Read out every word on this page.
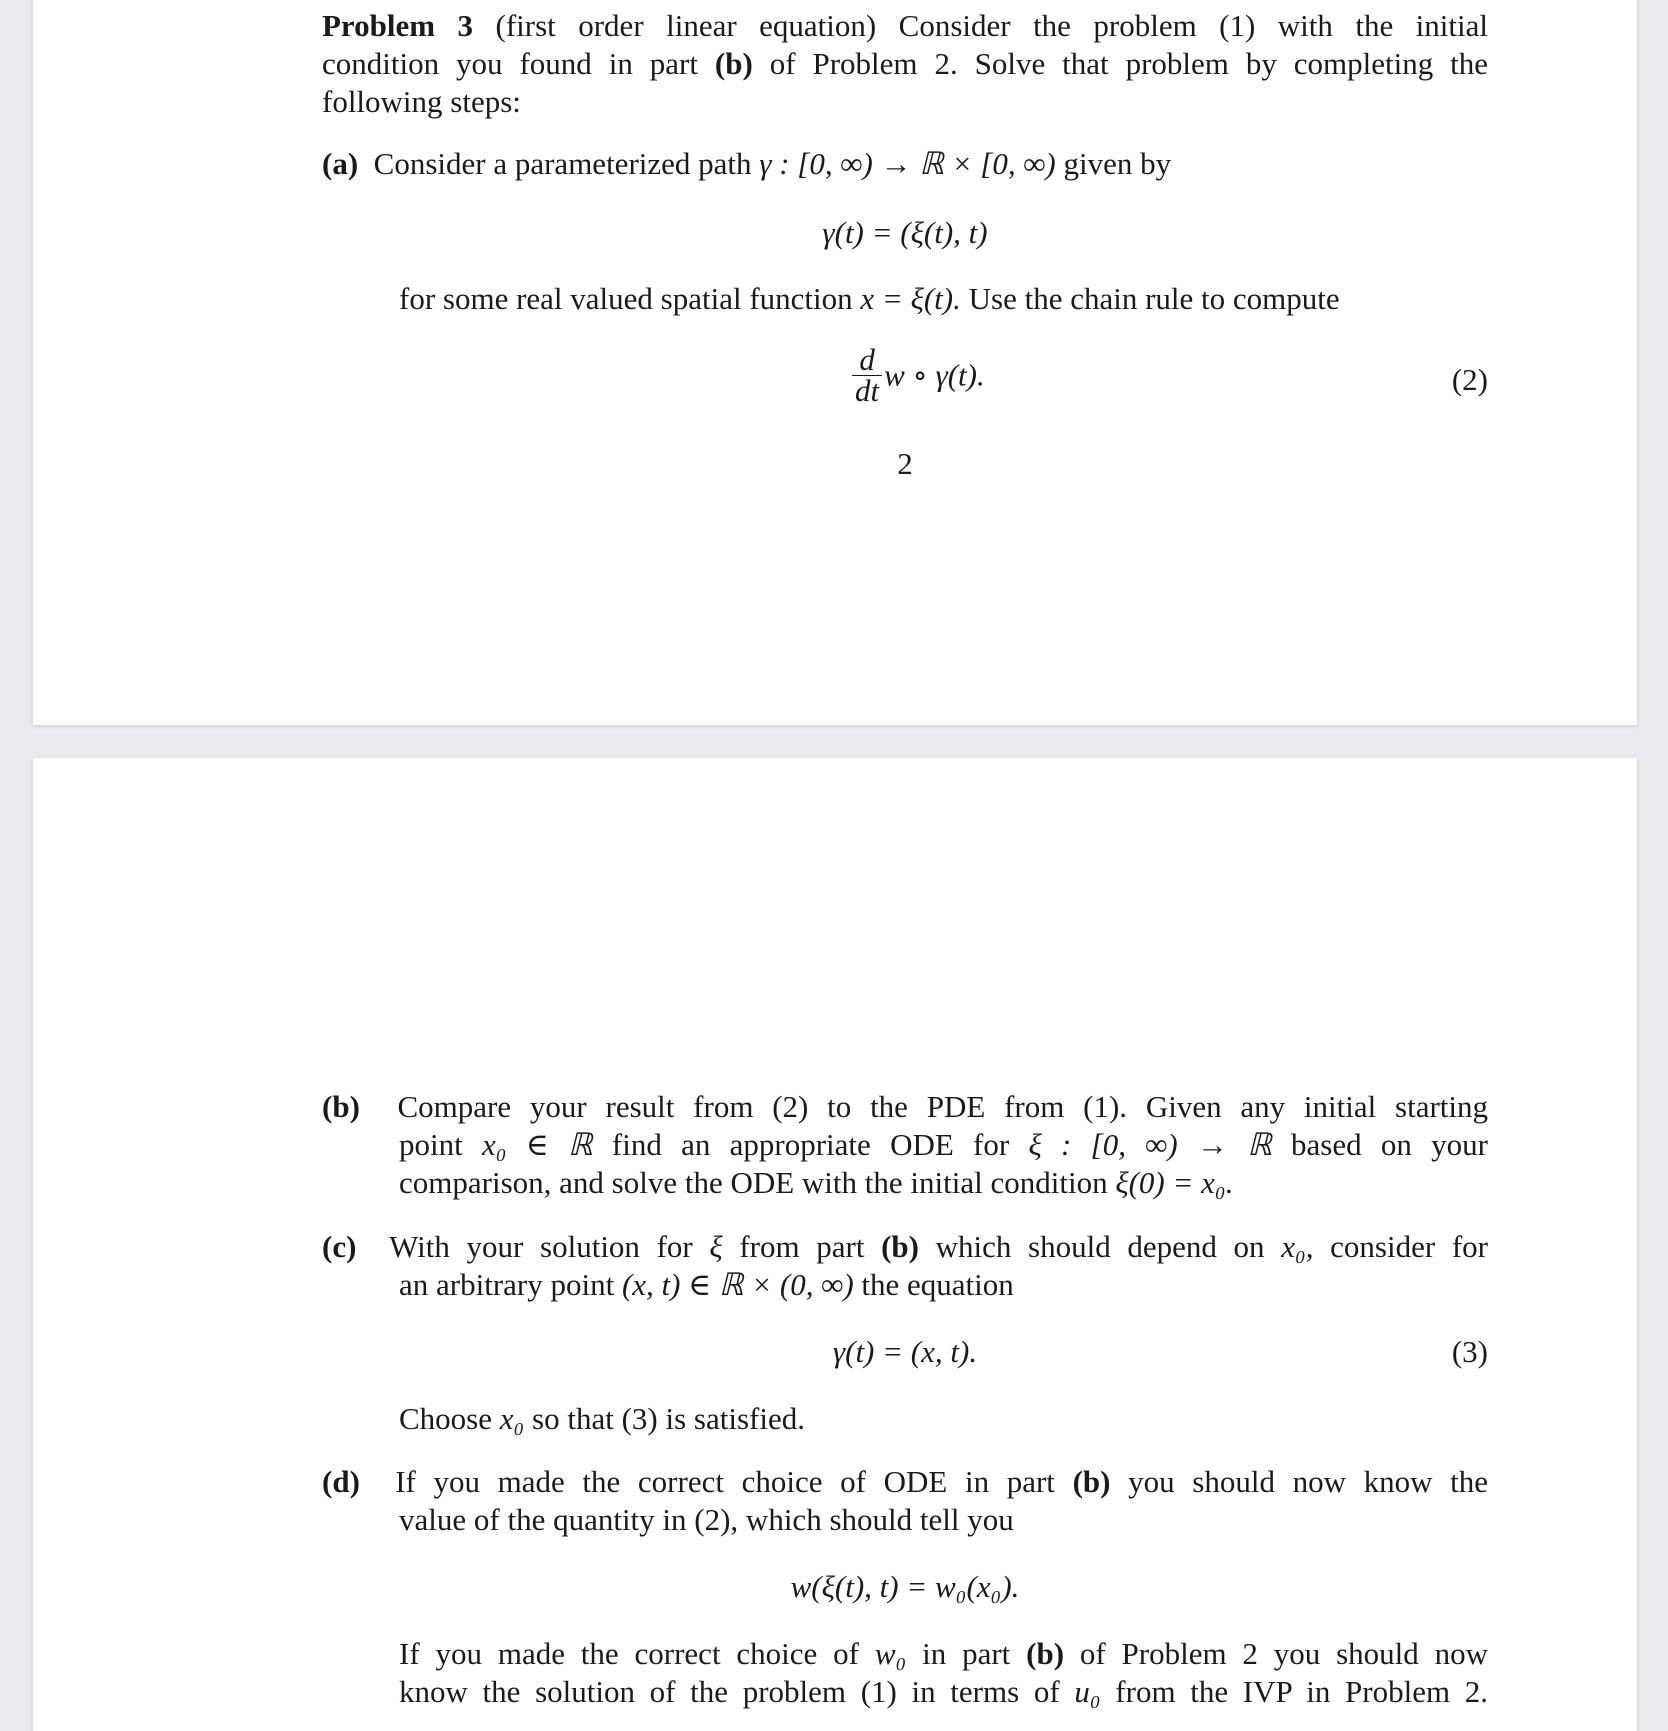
Problem 3 (first order linear equation) Consider the problem (1) with the initial
condition you found in part (b) of Problem 2. Solve that problem by completing the
following steps:
(a) Consider a parameterized path γ : [0, ∞) → ℝ × [0, ∞) given by
γ(t) = (ξ(t), t)
for some real valued spatial function x = ξ(t). Use the chain rule to compute
$\frac{d}{dt}$ w ∘ γ(t).	(2)
2
(b) Compare your result from (2) to the PDE from (1). Given any initial starting
point x₀ ∈ ℝ find an appropriate ODE for ξ : [0, ∞) → ℝ based on your
comparison, and solve the ODE with the initial condition ξ(0) = x₀.
(c) With your solution for ξ from part (b) which should depend on x₀, consider for
an arbitrary point (x, t) ∈ ℝ × (0, ∞) the equation
γ(t) = (x, t).	(3)
Choose x₀ so that (3) is satisfied.
(d) If you made the correct choice of ODE in part (b) you should now know the
value of the quantity in (2), which should tell you
w(ξ(t), t) = w₀(x₀).
If you made the correct choice of w₀ in part (b) of Problem 2 you should now
know the solution of the problem (1) in terms of u₀ from the IVP in Problem 2.
